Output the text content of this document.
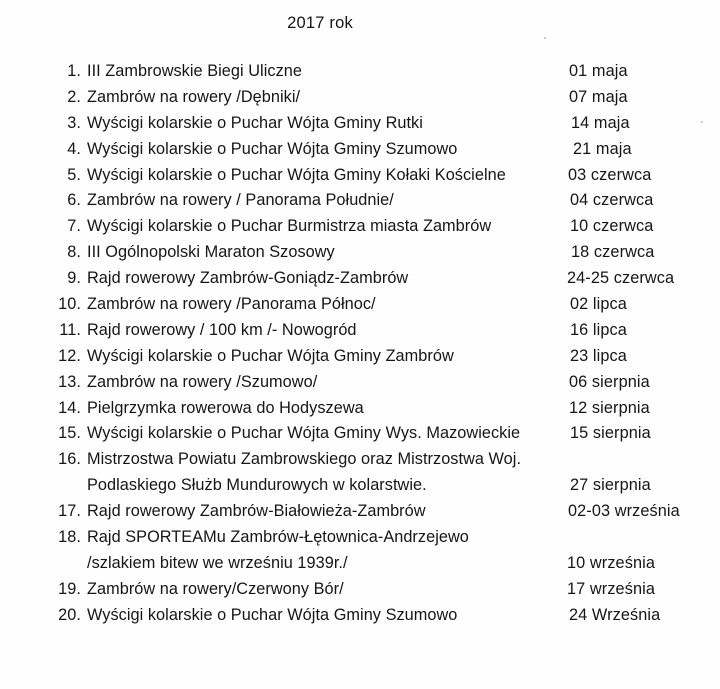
2017 rok
1. III Zambrowskie Biegi Uliczne	01 maja
2. Zambrów na rowery /Dębniki/	07 maja
3. Wyścigi kolarskie o Puchar Wójta Gminy Rutki	14 maja
4. Wyścigi kolarskie o Puchar Wójta Gminy Szumowo	21 maja
5. Wyścigi kolarskie o Puchar Wójta Gminy Kołaki Kościelne	03 czerwca
6. Zambrów na rowery / Panorama Południe/	04 czerwca
7. Wyścigi kolarskie o Puchar Burmistrza miasta Zambrów	10 czerwca
8. III Ogólnopolski Maraton Szosowy	18 czerwca
9. Rajd rowerowy Zambrów-Goniądz-Zambrów	24-25 czerwca
10. Zambrów na rowery /Panorama Północ/	02 lipca
11. Rajd rowerowy / 100 km /- Nowogród	16 lipca
12. Wyścigi kolarskie o Puchar Wójta Gminy Zambrów	23 lipca
13. Zambrów na rowery /Szumowo/	06 sierpnia
14. Pielgrzymka rowerowa do Hodyszewa	12 sierpnia
15. Wyścigi kolarskie o Puchar Wójta Gminy Wys. Mazowieckie	15 sierpnia
16. Mistrzostwa Powiatu Zambrowskiego oraz Mistrzostwa Woj.
Podlaskiego Służb Mundurowych w kolarstwie.	27 sierpnia
17. Rajd rowerowy Zambrów-Białowieża-Zambrów	02-03 września
18. Rajd SPORTEAMu Zambrów-Łętownica-Andrzejewo
/szlakiem bitew we wrześniu 1939r./	10 września
19. Zambrów na rowery/Czerwony Bór/	17 września
20. Wyścigi kolarskie o Puchar Wójta Gminy Szumowo	24 Września
